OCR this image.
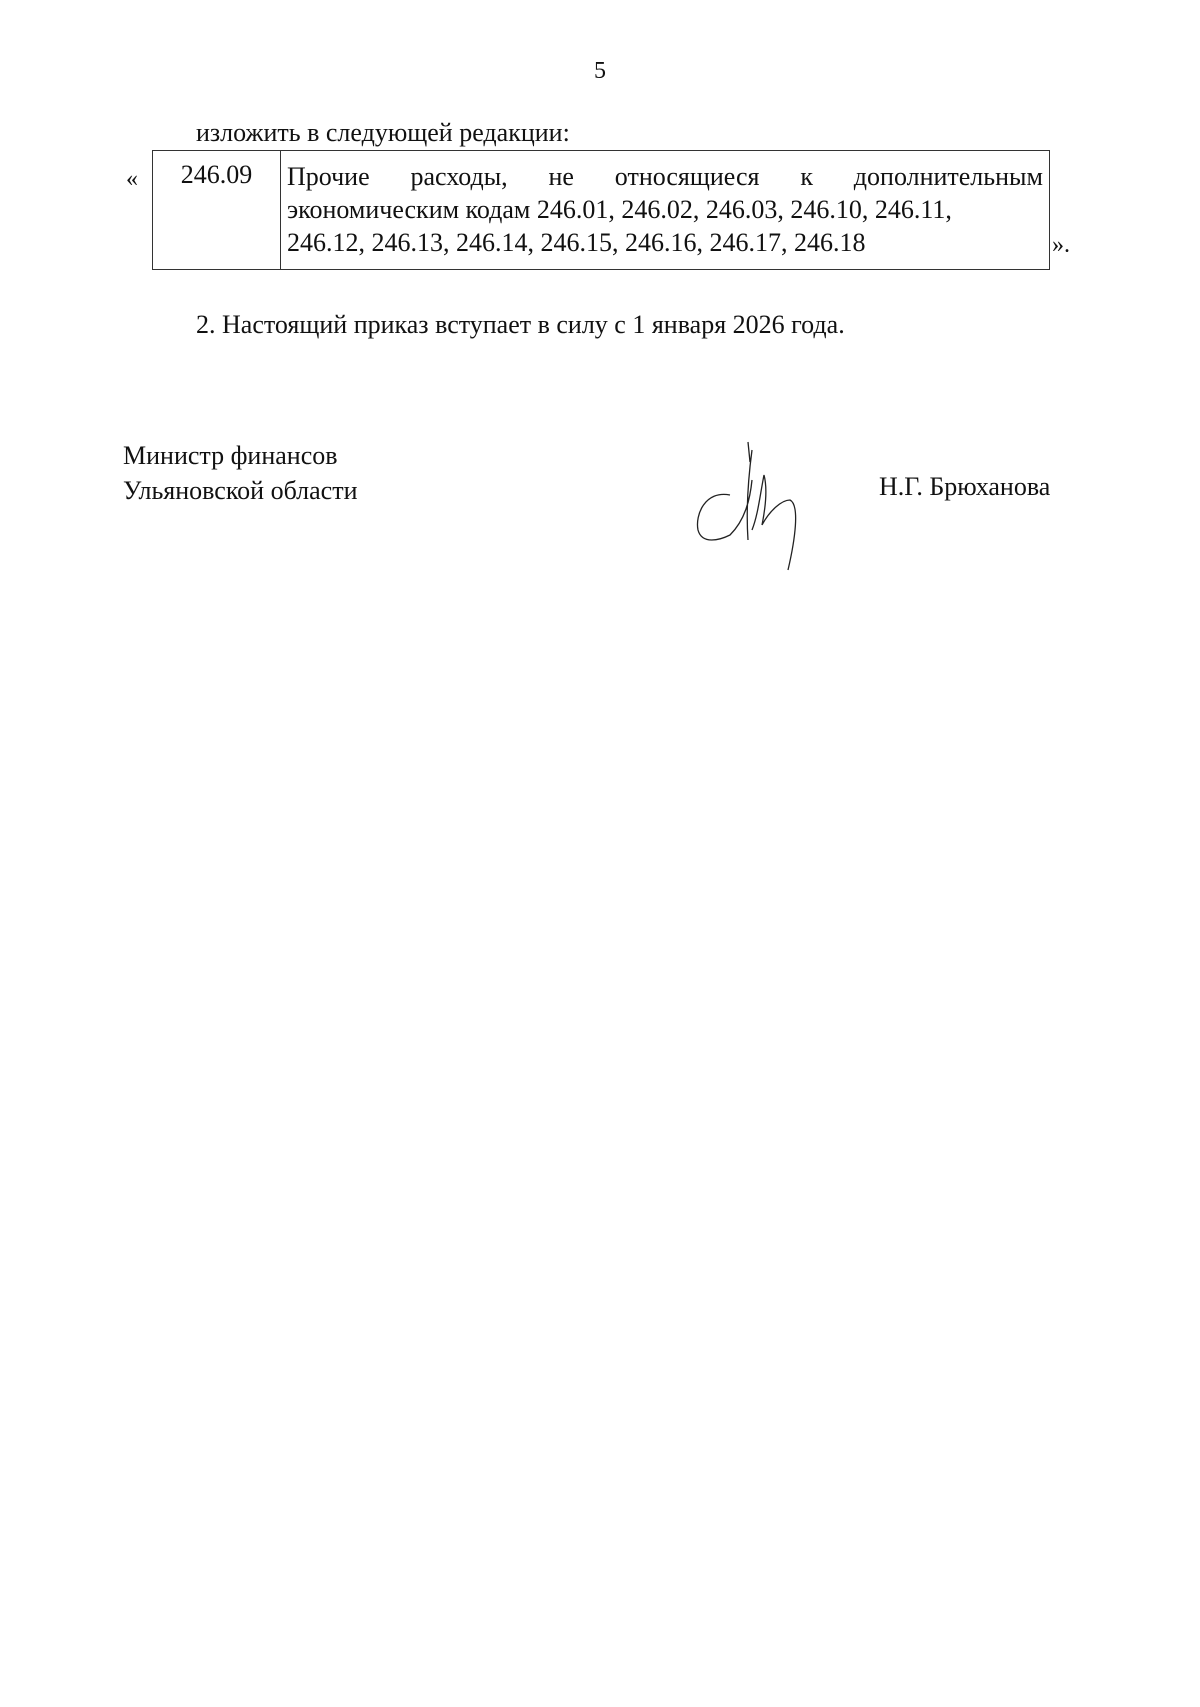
5
изложить в следующей редакции:
«	246.09	Прочие расходы, не относящиеся к дополнительным
экономическим кодам 246.01, 246.02, 246.03, 246.10, 246.11,
246.12, 246.13, 246.14, 246.15, 246.16, 246.17, 246.18	».
2. Настоящий приказ вступает в силу с 1 января 2026 года.
Министр финансов
Ульяновской области	Н.Г. Брюханова
